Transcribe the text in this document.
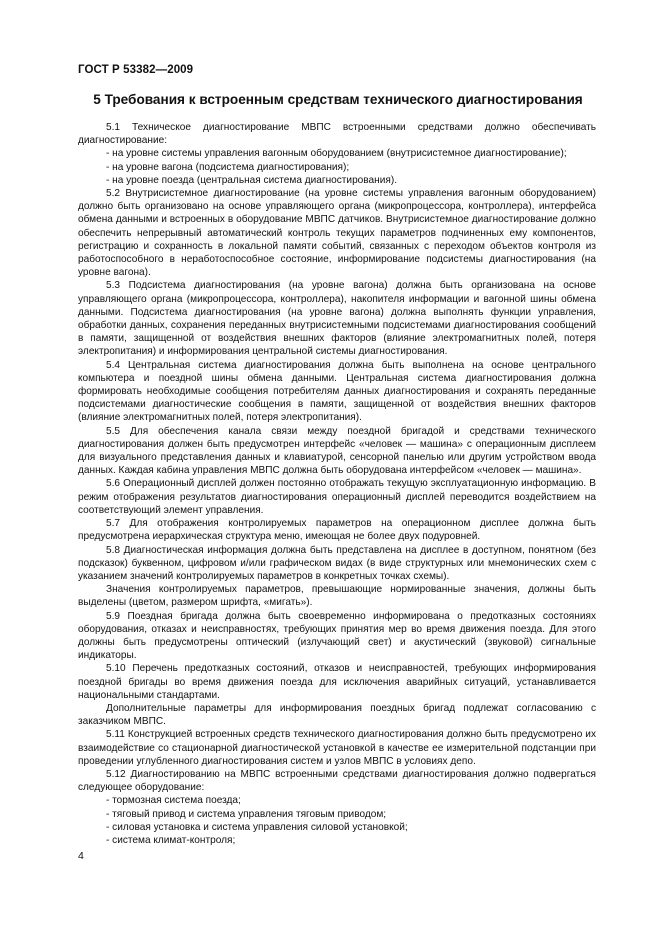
ГОСТ Р 53382—2009
5 Требования к встроенным средствам технического диагностирования

5.1 Техническое диагностирование МВПС встроенными средствами должно обеспечивать диагностирование:

- на уровне системы управления вагонным оборудованием (внутрисистемное диагностирование);

- на уровне вагона (подсистема диагностирования);

- на уровне поезда (центральная система диагностирования).

5.2 Внутрисистемное диагностирование (на уровне системы управления вагонным оборудованием) должно быть организовано на основе управляющего органа (микропроцессора, контроллера), интерфейса обмена данными и встроенных в оборудование МВПС датчиков. Внутрисистемное диагностирование должно обеспечить непрерывный автоматический контроль текущих параметров подчиненных ему компонентов, регистрацию и сохранность в локальной памяти событий, связанных с переходом объектов контроля из работоспособного в неработоспособное состояние, информирование подсистемы диагностирования (на уровне вагона).

5.3 Подсистема диагностирования (на уровне вагона) должна быть организована на основе управляющего органа (микропроцессора, контроллера), накопителя информации и вагонной шины обмена данными. Подсистема диагностирования (на уровне вагона) должна выполнять функции управления, обработки данных, сохранения переданных внутрисистемными подсистемами диагностирования сообщений в памяти, защищенной от воздействия внешних факторов (влияние электромагнитных полей, потеря электропитания) и информирования центральной системы диагностирования.

5.4 Центральная система диагностирования должна быть выполнена на основе центрального компьютера и поездной шины обмена данными. Центральная система диагностирования должна формировать необходимые сообщения потребителям данных диагностирования и сохранять переданные подсистемами диагностические сообщения в памяти, защищенной от воздействия внешних факторов (влияние электромагнитных полей, потеря электропитания).

5.5 Для обеспечения канала связи между поездной бригадой и средствами технического диагностирования должен быть предусмотрен интерфейс «человек — машина» с операционным дисплеем для визуального представления данных и клавиатурой, сенсорной панелью или другим устройством ввода данных. Каждая кабина управления МВПС должна быть оборудована интерфейсом «человек — машина».

5.6 Операционный дисплей должен постоянно отображать текущую эксплуатационную информацию. В режим отображения результатов диагностирования операционный дисплей переводится воздействием на соответствующий элемент управления.

5.7 Для отображения контролируемых параметров на операционном дисплее должна быть предусмотрена иерархическая структура меню, имеющая не более двух подуровней.

5.8 Диагностическая информация должна быть представлена на дисплее в доступном, понятном (без подсказок) буквенном, цифровом и/или графическом видах (в виде структурных или мнемонических схем с указанием значений контролируемых параметров в конкретных точках схемы).

Значения контролируемых параметров, превышающие нормированные значения, должны быть выделены (цветом, размером шрифта, «мигать»).

5.9 Поездная бригада должна быть своевременно информирована о предотказных состояниях оборудования, отказах и неисправностях, требующих принятия мер во время движения поезда. Для этого должны быть предусмотрены оптический (излучающий свет) и акустический (звуковой) сигнальные индикаторы.

5.10 Перечень предотказных состояний, отказов и неисправностей, требующих информирования поездной бригады во время движения поезда для исключения аварийных ситуаций, устанавливается национальными стандартами.

Дополнительные параметры для информирования поездных бригад подлежат согласованию с заказчиком МВПС.

5.11 Конструкцией встроенных средств технического диагностирования должно быть предусмотрено их взаимодействие со стационарной диагностической установкой в качестве ее измерительной подстанции при проведении углубленного диагностирования систем и узлов МВПС в условиях депо.

5.12 Диагностированию на МВПС встроенными средствами диагностирования должно подвергаться следующее оборудование:

- тормозная система поезда;

- тяговый привод и система управления тяговым приводом;

- силовая установка и система управления силовой установкой;

- система климат-контроля;

4
